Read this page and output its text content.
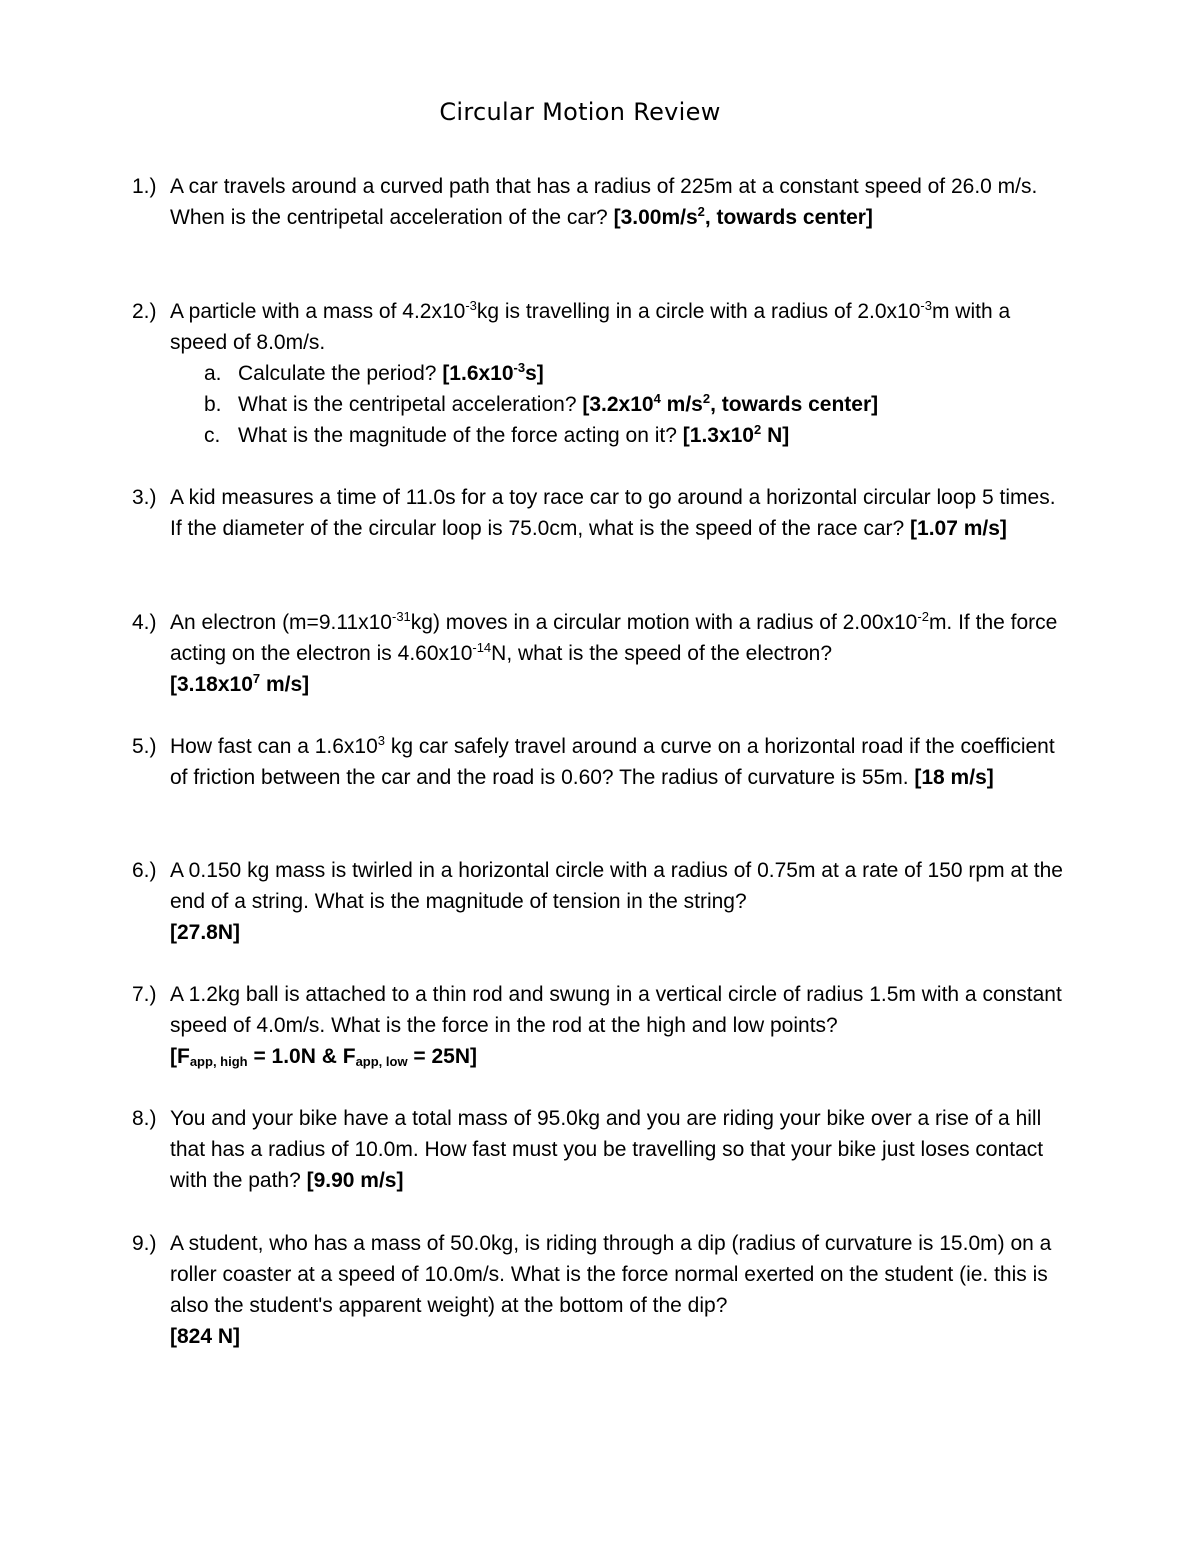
Circular Motion Review
1.) A car travels around a curved path that has a radius of 225m at a constant speed of 26.0 m/s. When is the centripetal acceleration of the car? [$3.00m/s^2$, towards center]
2.) A particle with a mass of $4.2x10^{-3}kg$ is travelling in a circle with a radius of $2.0x10^{-3}m$ with a speed of 8.0m/s.
a. Calculate the period? $[1.6x10^{-3}s]$
b. What is the centripetal acceleration? [$3.2x10^4$ $m/s^2$, towards center]
c. What is the magnitude of the force acting on it? [$1.3x10^2$ N]
3.) A kid measures a time of 11.0s for a toy race car to go around a horizontal circular loop 5 times. If the diameter of the circular loop is 75.0cm, what is the speed of the race car? [1.07 m/s]
4.) An electron $(m=9.11x10^{-31}kg)$ moves in a circular motion with a radius of $2.00x10^{-2}m$. If the force acting on the electron is $4.60x10^{-14}N$, what is the speed of the electron?
[$3.18x10^7$ m/s]
5.) How fast can a $1.6x10^3$ kg car safely travel around a curve on a horizontal road if the coefficient of friction between the car and the road is 0.60? The radius of curvature is 55m. [18 m/s]
6.) A 0.150 kg mass is twirled in a horizontal circle with a radius of 0.75m at a rate of 150 rpm at the end of a string. What is the magnitude of tension in the string?
[27.8N]
7.) A 1.2kg ball is attached to a thin rod and swung in a vertical circle of radius 1.5m with a constant speed of 4.0m/s. What is the force in the rod at the high and low points?
[$F_{app, high} = 1.0N$ & $F_{app, low} = 25N$]
8.) You and your bike have a total mass of 95.0kg and you are riding your bike over a rise of a hill that has a radius of 10.0m. How fast must you be travelling so that your bike just loses contact with the path? [9.90 m/s]
9.) A student, who has a mass of 50.0kg, is riding through a dip (radius of curvature is 15.0m) on a roller coaster at a speed of 10.0m/s. What is the force normal exerted on the student (ie. this is also the student's apparent weight) at the bottom of the dip?
[824 N]
